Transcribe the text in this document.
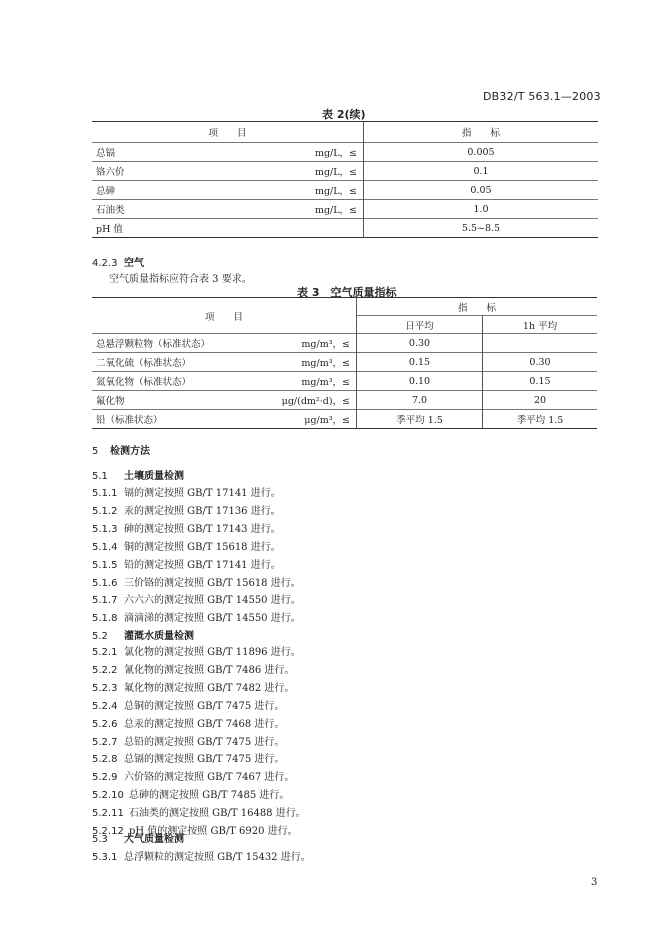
DB32/T 563.1—2003
表 2(续)
项　　目		指　　标
总镉	mg/L，≤	0.005
铬六价	mg/L，≤	0.1
总砷	mg/L，≤	0.05
石油类	mg/L，≤	1.0
pH 值		5.5~8.5
4.2.3 空气
空气质量指标应符合表 3 要求。
表 3　空气质量指标
项　　目		指　　标	
		日平均	1h 平均
总悬浮颗粒物（标准状态）	mg/m³，≤	0.30	
二氧化硫（标准状态）	mg/m³，≤	0.15	0.30
氮氧化物（标准状态）	mg/m³，≤	0.10	0.15
氟化物	μg/(dm²·d)，≤	7.0	20
铅（标准状态）	μg/m³，≤	季平均 1.5	季平均 1.5
5 检测方法
5.1 土壤质量检测
5.1.1 镉的测定按照 GB/T 17141 进行。
5.1.2 汞的测定按照 GB/T 17136 进行。
5.1.3 砷的测定按照 GB/T 17143 进行。
5.1.4 铜的测定按照 GB/T 15618 进行。
5.1.5 铅的测定按照 GB/T 17141 进行。
5.1.6 三价铬的测定按照 GB/T 15618 进行。
5.1.7 六六六的测定按照 GB/T 14550 进行。
5.1.8 滴滴涕的测定按照 GB/T 14550 进行。
5.2 灌溉水质量检测
5.2.1 氯化物的测定按照 GB/T 11896 进行。
5.2.2 氰化物的测定按照 GB/T 7486 进行。
5.2.3 氟化物的测定按照 GB/T 7482 进行。
5.2.4 总铜的测定按照 GB/T 7475 进行。
5.2.6 总汞的测定按照 GB/T 7468 进行。
5.2.7 总铅的测定按照 GB/T 7475 进行。
5.2.8 总镉的测定按照 GB/T 7475 进行。
5.2.9 六价铬的测定按照 GB/T 7467 进行。
5.2.10 总砷的测定按照 GB/T 7485 进行。
5.2.11 石油类的测定按照 GB/T 16488 进行。
5.2.12 pH 值的测定按照 GB/T 6920 进行。
5.3 大气质量检测
5.3.1 总浮颗粒的测定按照 GB/T 15432 进行。
3
